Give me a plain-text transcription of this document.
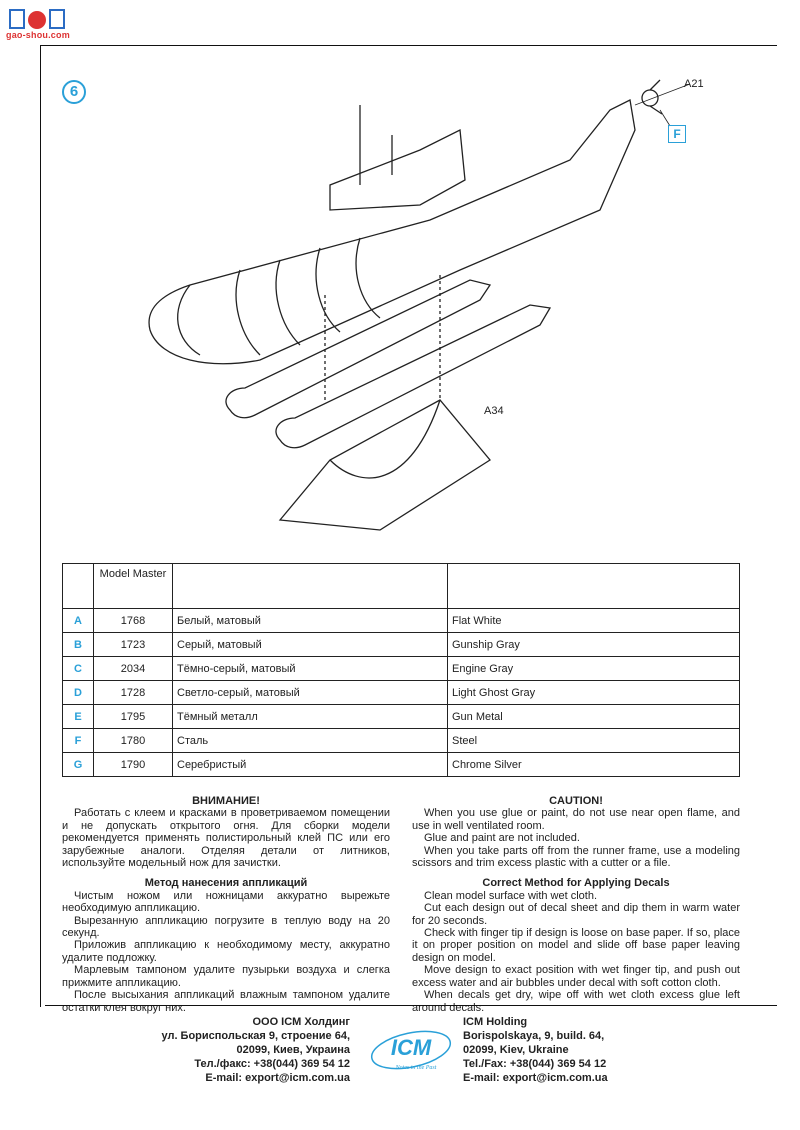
gao-shou.com
6	A21
A34
F
	Model Master		
A	1768	Белый, матовый	Flat White
B	1723	Серый, матовый	Gunship Gray
C	2034	Тёмно-серый, матовый	Engine Gray
D	1728	Светло-серый, матовый	Light Ghost Gray
E	1795	Тёмный металл	Gun Metal
F	1780	Сталь	Steel
G	1790	Серебристый	Chrome Silver
ВНИМАНИЕ!

Работать с клеем и красками в проветриваемом помещении и не допускать открытого огня. Для сборки модели рекомендуется применять полистирольный клей ПС или его зарубежные аналоги. Отделяя детали от литников, используйте модельный нож для зачистки.

Метод нанесения аппликаций

Чистым ножом или ножницами аккуратно вырежьте необходимую аппликацию.

Вырезанную аппликацию погрузите в теплую воду на 20 секунд.

Приложив аппликацию к необходимому месту, аккуратно удалите подложку.

Марлевым тампоном удалите пузырьки воздуха и слегка прижмите аппликацию.

После высыхания аппликаций влажным тампоном удалите остатки клея вокруг них.

CAUTION!

When you use glue or paint, do not use near open flame, and use in well ventilated room.

Glue and paint are not included.

When you take parts off from the runner frame, use a modeling scissors and trim excess plastic with a cutter or a file.

Correct Method for Applying Decals

Clean model surface with wet cloth.

Cut each design out of decal sheet and dip them in warm water for 20 seconds.

Check with finger tip if design is loose on base paper. If so, place it on proper position on model and slide off base paper leaving design on model.

Move design to exact position with wet finger tip, and push out excess water and air bubbles under decal with soft cotton cloth.

When decals get dry, wipe off with wet cloth excess glue left around decals.

ООО ICM Холдинг
ул. Бориспольская 9, строение 64,
02099, Киев, Украина
Тел./факс: +38(044) 369 54 12
E-mail: export@icm.com.ua
ICM
Notes in the Past
ICM Holding
Borispolskaya, 9, build. 64,
02099, Kiev, Ukraine
Tel./Fax: +38(044) 369 54 12
E-mail: export@icm.com.ua
